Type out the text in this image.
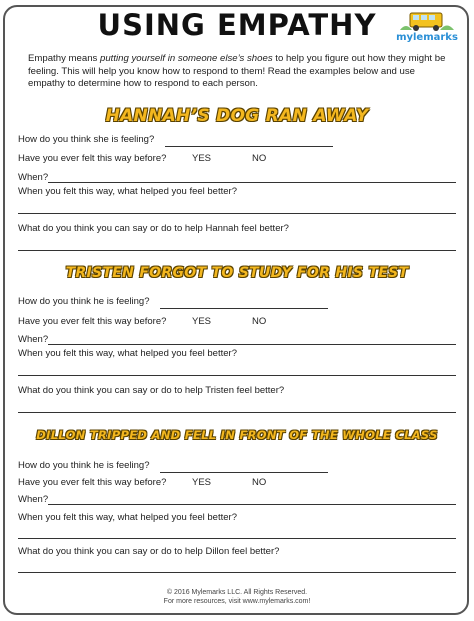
USING EMPATHY	mylemarks
Empathy means putting yourself in someone else’s shoes to help you figure out how they might be feeling. This will help you know how to respond to them! Read the examples below and use empathy to determine how to respond to each person.
HANNAH’S DOG RAN AWAY
How do you think she is feeling?
Have you ever felt this way before?	YES	NO
When?
When you felt this way, what helped you feel better?
What do you think you can say or do to help Hannah feel better?
TRISTEN FORGOT TO STUDY FOR HIS TEST
How do you think he is feeling?
Have you ever felt this way before?	YES	NO
When?
When you felt this way, what helped you feel better?
What do you think you can say or do to help Tristen feel better?
DILLON TRIPPED AND FELL IN FRONT OF THE WHOLE CLASS
How do you think he is feeling?
Have you ever felt this way before?	YES	NO
When?
When you felt this way, what helped you feel better?
What do you think you can say or do to help Dillon feel better?
© 2016 Mylemarks LLC. All Rights Reserved.
For more resources, visit www.mylemarks.com!
